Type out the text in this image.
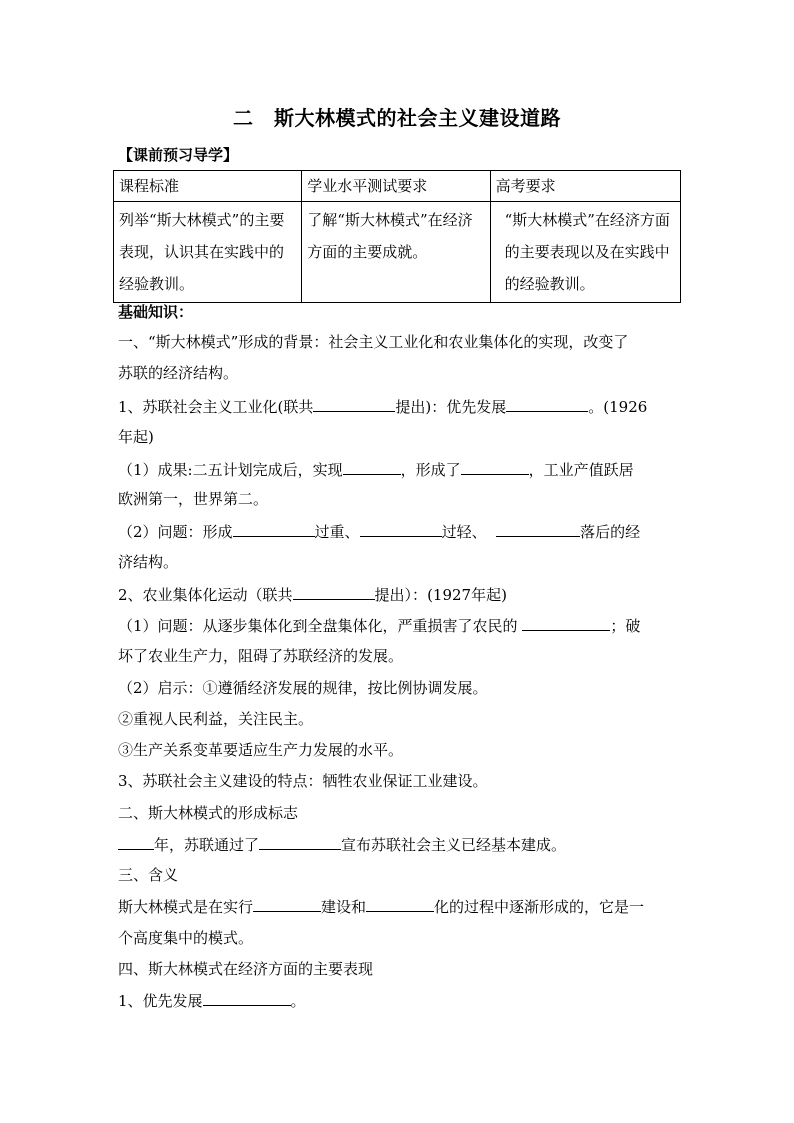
二　斯大林模式的社会主义建设道路
【课前预习导学】
课程标准	学业水平测试要求	高考要求
列举“斯大林模式”的主要表现，认识其在实践中的经验教训。	了解“斯大林模式”在经济方面的主要成就。	“斯大林模式”在经济方面的主要表现以及在实践中的经验教训。
基础知识：
一、“斯大林模式”形成的背景：社会主义工业化和农业集体化的实现，改变了
苏联的经济结构。
1、苏联社会主义工业化(联共	提出)：优先发展	。(1926
年起)
（1）成果:二五计划完成后，实现	，形成了	，工业产值跃居
欧洲第一，世界第二。
（2）问题：形成	过重、	过轻、	落后的经
济结构。
2、农业集体化运动（联共	提出）：(1927年起)
（1）问题：从逐步集体化到全盘集体化，严重损害了农民的	；破
坏了农业生产力，阻碍了苏联经济的发展。
（2）启示：①遵循经济发展的规律，按比例协调发展。
②重视人民利益，关注民主。
③生产关系变革要适应生产力发展的水平。
3、苏联社会主义建设的特点：牺牲农业保证工业建设。
二、斯大林模式的形成标志
年，苏联通过了	宣布苏联社会主义已经基本建成。
三、含义
斯大林模式是在实行	建设和	化的过程中逐渐形成的，它是一
个高度集中的模式。
四、斯大林模式在经济方面的主要表现
1、优先发展	。
